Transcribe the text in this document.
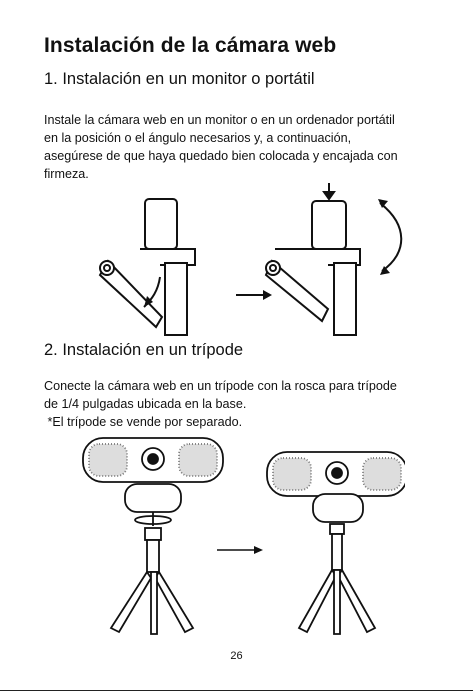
Instalación de la cámara web
1. Instalación en un monitor o portátil
Instale la cámara web en un monitor o en un ordenador portátil
en la posición o el ángulo necesarios y, a continuación,
asegúrese de que haya quedado bien colocada y encajada con
firmeza.
2. Instalación en un trípode
Conecte la cámara web en un trípode con la rosca para trípode
de 1/4 pulgadas ubicada en la base.
*El trípode se vende por separado.
26
